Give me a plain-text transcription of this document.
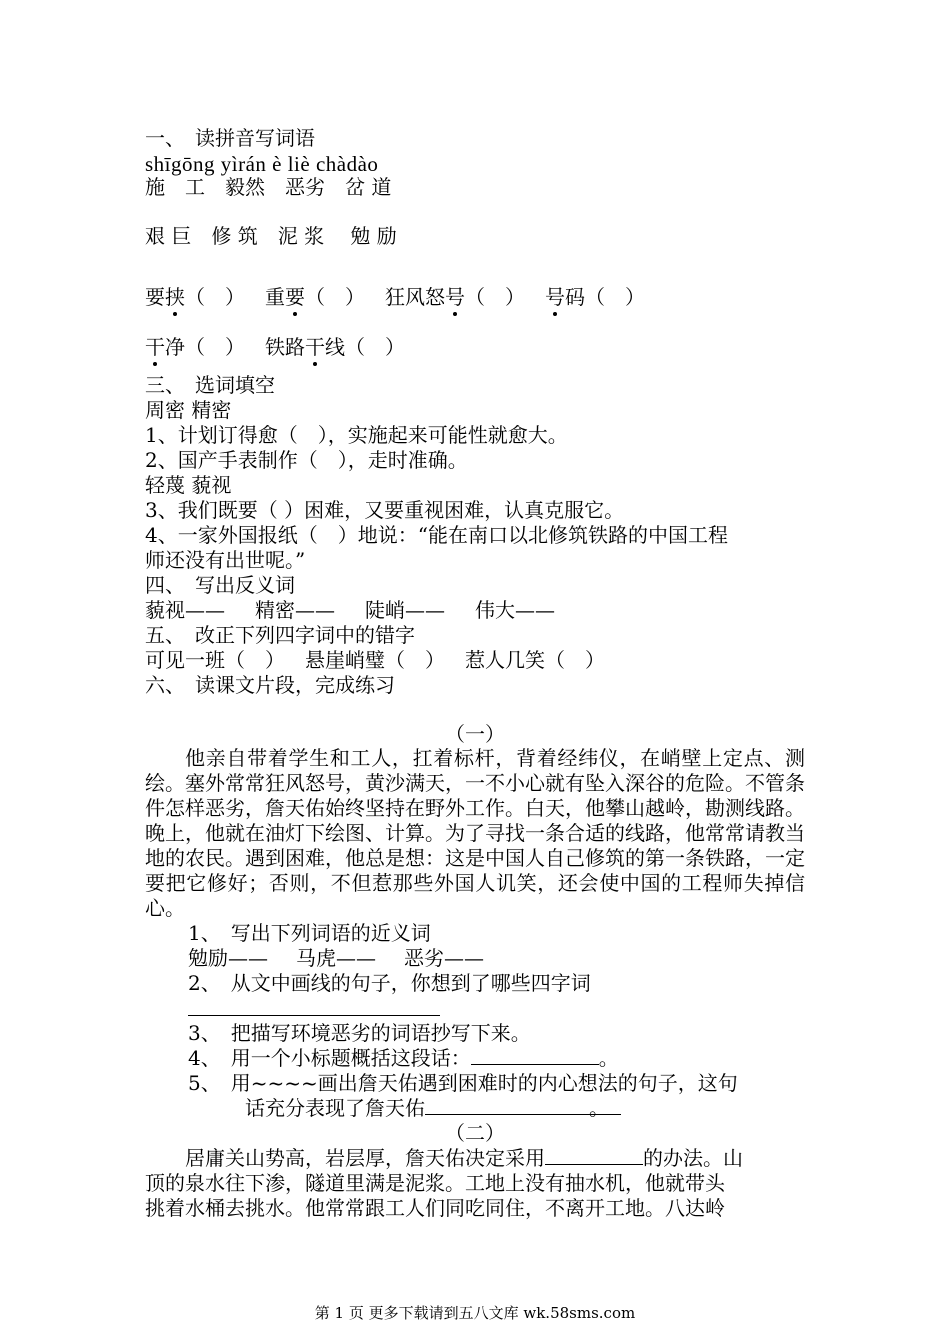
一、　读拼音写词语
shīgōng yìrán è liè chàdào
施　工　毅然　恶劣　岔 道
艰 巨　修 筑　泥 浆　 勉 励
要挟（　） 重要（　） 狂风怒号（　） 号码（　）
干净（　） 铁路干线（　）
三、　选词填空
周密 精密
1、计划订得愈（　），实施起来可能性就愈大。
2、国产手表制作（　），走时准确。
轻蔑 藐视
3、我们既要（ ）困难，又要重视困难，认真克服它。
4、一家外国报纸（　）地说：“能在南口以北修筑铁路的中国工程
师还没有出世呢。”
四、　写出反义词
藐视—— 精密—— 陡峭—— 伟大——
五、　改正下列四字词中的错字
可见一班（　） 悬崖峭璧（　） 惹人几笑（　）
六、　读课文片段，完成练习
（一）
他亲自带着学生和工人，扛着标杆，背着经纬仪，在峭壁上定点、测绘。塞外常常狂风怒号，黄沙满天，一不小心就有坠入深谷的危险。不管条件怎样恶劣，詹天佑始终坚持在野外工作。白天，他攀山越岭，勘测线路。晚上，他就在油灯下绘图、计算。为了寻找一条合适的线路，他常常请教当地的农民。遇到困难，他总是想：这是中国人自己修筑的第一条铁路，一定要把它修好；否则，不但惹那些外国人讥笑，还会使中国的工程师失掉信心。
1、　写出下列词语的近义词
勉励—— 马虎—— 恶劣——
2、　从文中画线的句子，你想到了哪些四字词
3、　把描写环境恶劣的词语抄写下来。
4、　用一个小标题概括这段话：	。
5、　用~~~~画出詹天佑遇到困难时的内心想法的句子，这句
话充分表现了詹天佑	。
（二）
居庸关山势高，岩层厚，詹天佑决定采用	的办法。山
顶的泉水往下渗，隧道里满是泥浆。工地上没有抽水机，他就带头
挑着水桶去挑水。他常常跟工人们同吃同住，不离开工地。八达岭
第 1 页 更多下载请到五八文库 wk.58sms.com
